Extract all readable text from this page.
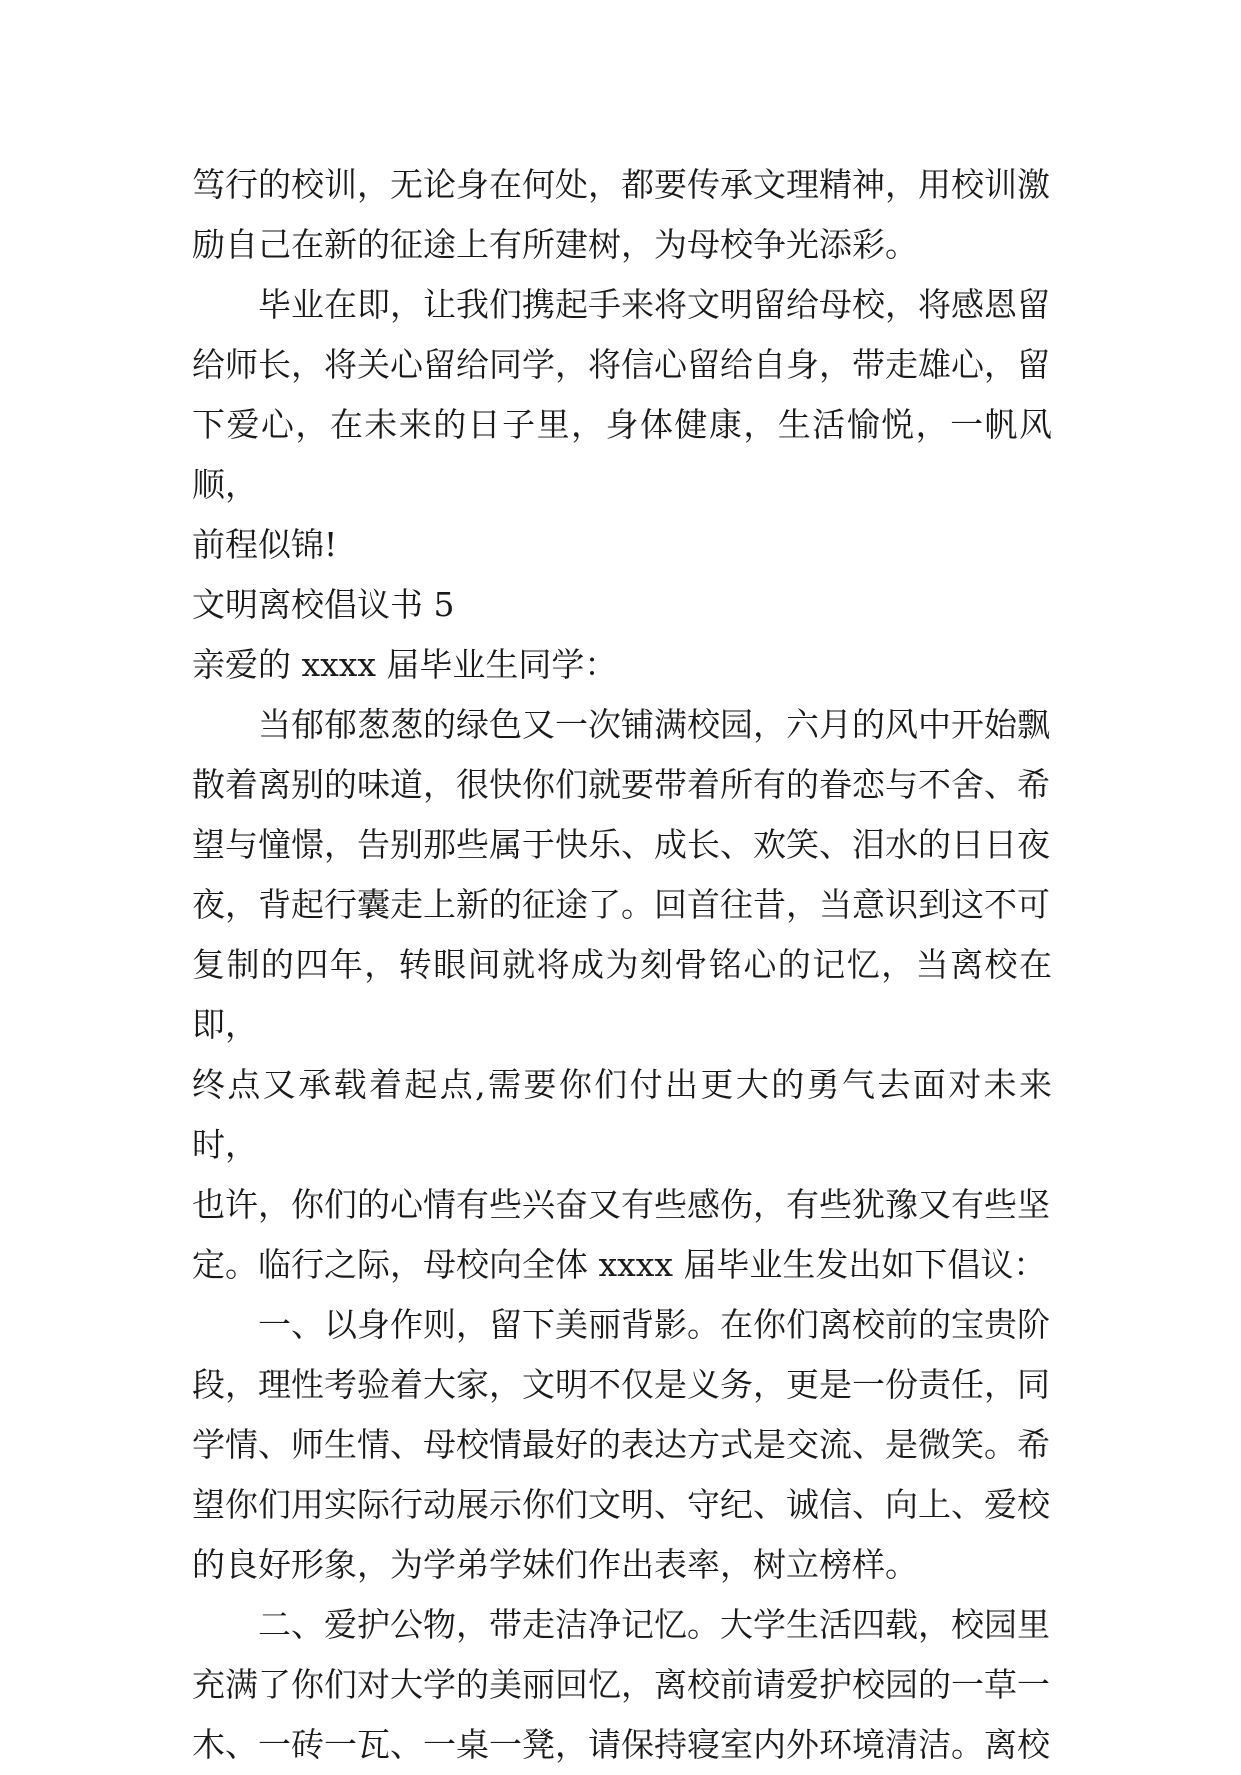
笃行的校训，无论身在何处，都要传承文理精神，用校训激
励自己在新的征途上有所建树，为母校争光添彩。

毕业在即，让我们携起手来将文明留给母校，将感恩留
给师长，将关心留给同学，将信心留给自身，带走雄心，留
下爱心，在未来的日子里，身体健康，生活愉悦，一帆风顺，
前程似锦!

文明离校倡议书 5

亲爱的 xxxx 届毕业生同学：

当郁郁葱葱的绿色又一次铺满校园，六月的风中开始飘
散着离别的味道，很快你们就要带着所有的眷恋与不舍、希
望与憧憬，告别那些属于快乐、成长、欢笑、泪水的日日夜
夜，背起行囊走上新的征途了。回首往昔，当意识到这不可
复制的四年，转眼间就将成为刻骨铭心的记忆，当离校在即，
终点又承载着起点,需要你们付出更大的勇气去面对未来时，
也许，你们的心情有些兴奋又有些感伤，有些犹豫又有些坚
定。临行之际，母校向全体 xxxx 届毕业生发出如下倡议：

一、以身作则，留下美丽背影。在你们离校前的宝贵阶
段，理性考验着大家，文明不仅是义务，更是一份责任，同
学情、师生情、母校情最好的表达方式是交流、是微笑。希
望你们用实际行动展示你们文明、守纪、诚信、向上、爱校
的良好形象，为学弟学妹们作出表率，树立榜样。

二、爱护公物，带走洁净记忆。大学生活四载，校园里
充满了你们对大学的美丽回忆，离校前请爱护校园的一草一
木、一砖一瓦、一桌一凳，请保持寝室内外环境清洁。离校
